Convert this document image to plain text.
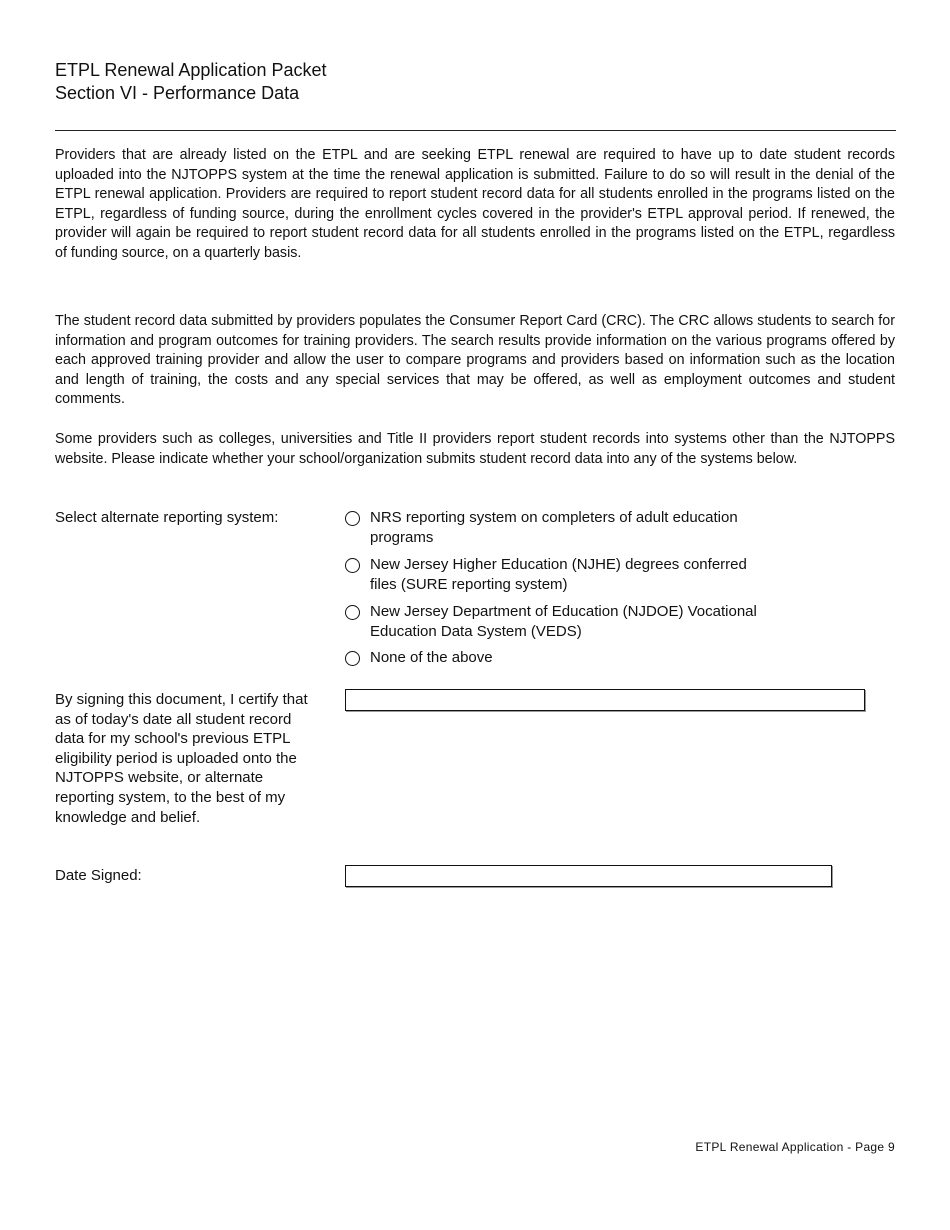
ETPL Renewal Application Packet
Section VI - Performance Data

Providers that are already listed on the ETPL and are seeking ETPL renewal are required to have up to date student records uploaded into the NJTOPPS system at the time the renewal application is submitted. Failure to do so will result in the denial of the ETPL renewal application. Providers are required to report student record data for all students enrolled in the programs listed on the ETPL, regardless of funding source, during the enrollment cycles covered in the provider's ETPL approval period. If renewed, the provider will again be required to report student record data for all students enrolled in the programs listed on the ETPL, regardless of funding source, on a quarterly basis.

The student record data submitted by providers populates the Consumer Report Card (CRC). The CRC allows students to search for information and program outcomes for training providers. The search results provide information on the various programs offered by each approved training provider and allow the user to compare programs and providers based on information such as the location and length of training, the costs and any special services that may be offered, as well as employment outcomes and student comments.

Some providers such as colleges, universities and Title II providers report student records into systems other than the NJTOPPS website. Please indicate whether your school/organization submits student record data into any of the systems below.

Select alternate reporting system:	NRS reporting system on completers of adult education programs
New Jersey Higher Education (NJHE) degrees conferred files (SURE reporting system)
New Jersey Department of Education (NJDOE) Vocational Education Data System (VEDS)
None of the above
By signing this document, I certify that as of today's date all student record data for my school's previous ETPL eligibility period is uploaded onto the NJTOPPS website, or alternate reporting system, to the best of my knowledge and belief.
Date Signed:
ETPL Renewal Application - Page 9
